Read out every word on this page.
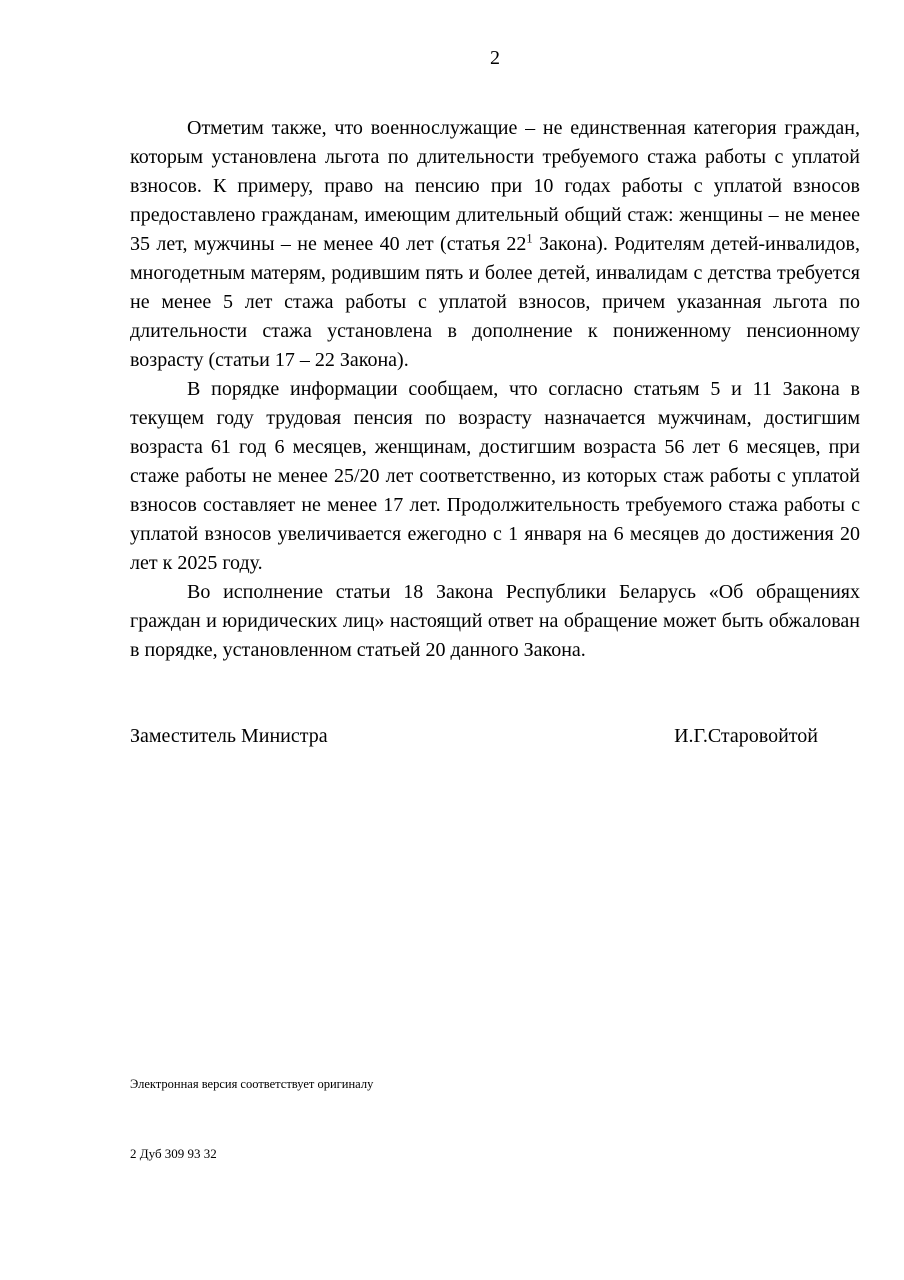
2

Отметим также, что военнослужащие – не единственная категория граждан, которым установлена льгота по длительности требуемого стажа работы с уплатой взносов. К примеру, право на пенсию при 10 годах работы с уплатой взносов предоставлено гражданам, имеющим длительный общий стаж: женщины – не менее 35 лет, мужчины – не менее 40 лет (статья $22^1$ Закона). Родителям детей-инвалидов, многодетным матерям, родившим пять и более детей, инвалидам с детства требуется не менее 5 лет стажа работы с уплатой взносов, причем указанная льгота по длительности стажа установлена в дополнение к пониженному пенсионному возрасту (статьи 17 – 22 Закона).

В порядке информации сообщаем, что согласно статьям 5 и 11 Закона в текущем году трудовая пенсия по возрасту назначается мужчинам, достигшим возраста 61 год 6 месяцев, женщинам, достигшим возраста 56 лет 6 месяцев, при стаже работы не менее 25/20 лет соответственно, из которых стаж работы с уплатой взносов составляет не менее 17 лет. Продолжительность требуемого стажа работы с уплатой взносов увеличивается ежегодно с 1 января на 6 месяцев до достижения 20 лет к 2025 году.

Во исполнение статьи 18 Закона Республики Беларусь «Об обращениях граждан и юридических лиц» настоящий ответ на обращение может быть обжалован в порядке, установленном статьей 20 данного Закона.

Заместитель Министра	И.Г.Старовойтой
Электронная версия соответствует оригиналу
2 Дуб 309 93 32
